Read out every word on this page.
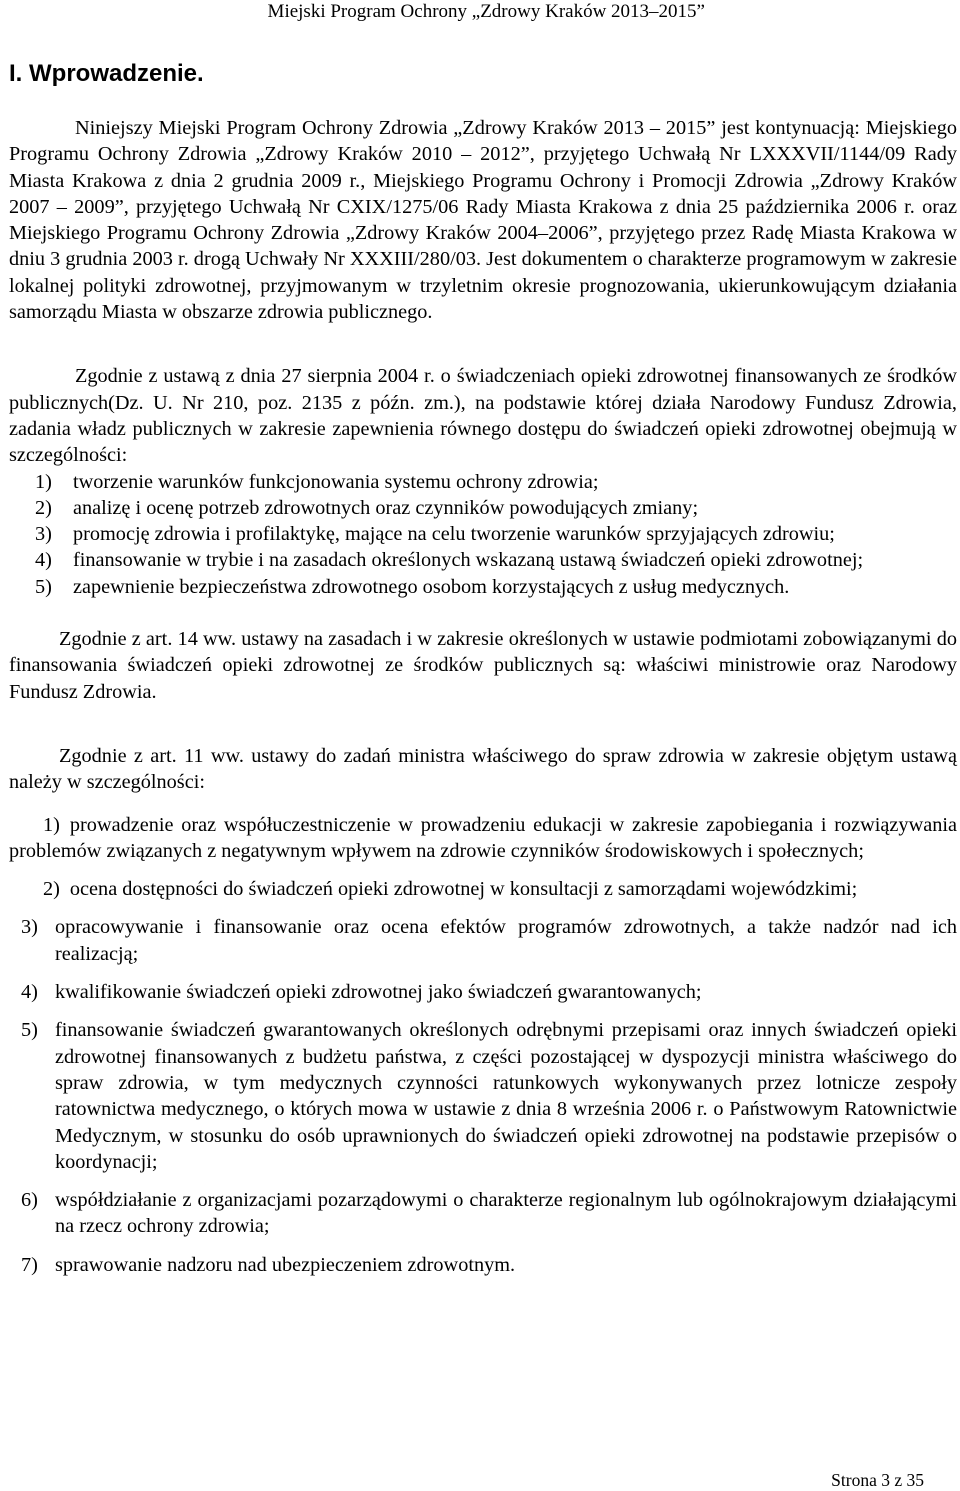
Miejski Program Ochrony „Zdrowy Kraków 2013–2015”
I. Wprowadzenie.

Niniejszy Miejski Program Ochrony Zdrowia „Zdrowy Kraków 2013 – 2015” jest kontynuacją: Miejskiego Programu Ochrony Zdrowia „Zdrowy Kraków 2010 – 2012”, przyjętego Uchwałą Nr LXXXVII/1144/09 Rady Miasta Krakowa z dnia 2 grudnia 2009 r., Miejskiego Programu Ochrony i Promocji Zdrowia „Zdrowy Kraków 2007 – 2009”, przyjętego Uchwałą Nr CXIX/1275/06 Rady Miasta Krakowa z dnia 25 października 2006 r. oraz Miejskiego Programu Ochrony Zdrowia „Zdrowy Kraków 2004–2006”, przyjętego przez Radę Miasta Krakowa w dniu 3 grudnia 2003 r. drogą Uchwały Nr XXXIII/280/03. Jest dokumentem o charakterze programowym w zakresie lokalnej polityki zdrowotnej, przyjmowanym w trzyletnim okresie prognozowania, ukierunkowującym działania samorządu Miasta w obszarze zdrowia publicznego.

Zgodnie z ustawą z dnia 27 sierpnia 2004 r. o świadczeniach opieki zdrowotnej finansowanych ze środków publicznych(Dz. U. Nr 210, poz. 2135 z późn. zm.), na podstawie której działa Narodowy Fundusz Zdrowia, zadania władz publicznych w zakresie zapewnienia równego dostępu do świadczeń opieki zdrowotnej obejmują w szczególności:

1) tworzenie warunków funkcjonowania systemu ochrony zdrowia;
2) analizę i ocenę potrzeb zdrowotnych oraz czynników powodujących zmiany;
3) promocję zdrowia i profilaktykę, mające na celu tworzenie warunków sprzyjających zdrowiu;
4) finansowanie w trybie i na zasadach określonych wskazaną ustawą świadczeń opieki zdrowotnej;
5) zapewnienie bezpieczeństwa zdrowotnego osobom korzystających z usług medycznych.

Zgodnie z art. 14 ww. ustawy na zasadach i w zakresie określonych w ustawie podmiotami zobowiązanymi do finansowania świadczeń opieki zdrowotnej ze środków publicznych są: właściwi ministrowie oraz Narodowy Fundusz Zdrowia.

Zgodnie z art. 11 ww. ustawy do zadań ministra właściwego do spraw zdrowia w zakresie objętym ustawą należy w szczególności:

1) prowadzenie oraz współuczestniczenie w prowadzeniu edukacji w zakresie zapobiegania i rozwiązywania problemów związanych z negatywnym wpływem na zdrowie czynników środowiskowych i społecznych;

2) ocena dostępności do świadczeń opieki zdrowotnej w konsultacji z samorządami wojewódzkimi;

3) opracowywanie i finansowanie oraz ocena efektów programów zdrowotnych, a także nadzór nad ich realizacją;
4) kwalifikowanie świadczeń opieki zdrowotnej jako świadczeń gwarantowanych;
5) finansowanie świadczeń gwarantowanych określonych odrębnymi przepisami oraz innych świadczeń opieki zdrowotnej finansowanych z budżetu państwa, z części pozostającej w dyspozycji ministra właściwego do spraw zdrowia, w tym medycznych czynności ratunkowych wykonywanych przez lotnicze zespoły ratownictwa medycznego, o których mowa w ustawie z dnia 8 września 2006 r. o Państwowym Ratownictwie Medycznym, w stosunku do osób uprawnionych do świadczeń opieki zdrowotnej na podstawie przepisów o koordynacji;
6) współdziałanie z organizacjami pozarządowymi o charakterze regionalnym lub ogólnokrajowym działającymi na rzecz ochrony zdrowia;
7) sprawowanie nadzoru nad ubezpieczeniem zdrowotnym.
Strona 3 z 35
